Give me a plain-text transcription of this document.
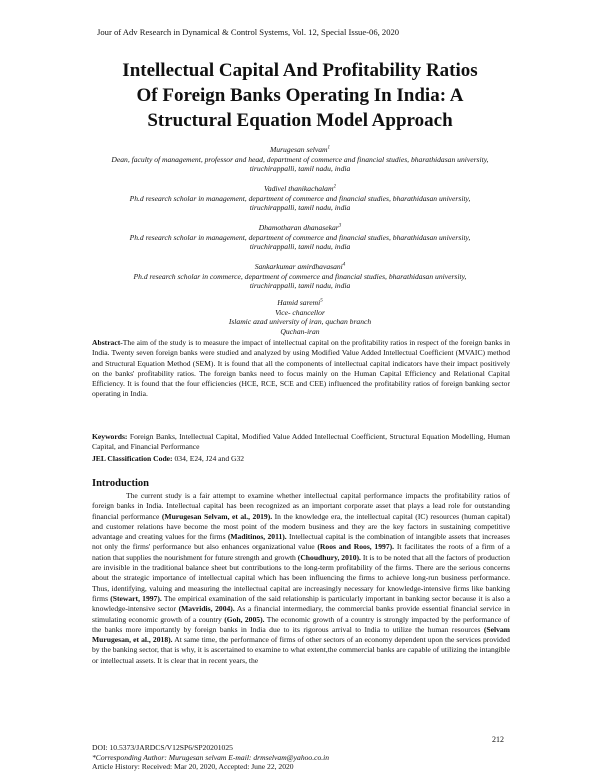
Jour of Adv Research in Dynamical & Control Systems, Vol. 12, Special Issue-06, 2020
Intellectual Capital And Profitability Ratios
Of Foreign Banks Operating In India: A
Structural Equation Model Approach
Murugesan selvam$^1$
Dean, faculty of management, professor and head, department of commerce and financial studies, bharathidasan university, tiruchirappalli, tamil nadu, india
Vadivel thanikachalam$^2$
Ph.d research scholar in management, department of commerce and financial studies, bharathidasan university,
tiruchirappalli, tamil nadu, india
Dhamotharan dhanasekar$^3$
Ph.d research scholar in management, department of commerce and financial studies, bharathidasan university,
tiruchirappalli, tamil nadu, india
Sankarkumar amirdhavasani$^4$
Ph.d research scholar in commerce, department of commerce and financial studies, bharathidasan university,
tiruchirappalli, tamil nadu, india
Hamid saremi$^5$
Vice- chancellor
Islamic azad university of iran, quchan branch
Quchan-iran
Abstract-The aim of the study is to measure the impact of intellectual capital on the profitability ratios in respect of the foreign banks in India. Twenty seven foreign banks were studied and analyzed by using Modified Value Added Intellectual Coefficient (MVAIC) method and Structural Equation Method (SEM). It is found that all the components of intellectual capital indicators have their impact positively on the banks' profitability ratios. The foreign banks need to focus mainly on the Human Capital Efficiency and Relational Capital Efficiency. It is found that the four efficiencies (HCE, RCE, SCE and CEE) influenced the profitability ratios of foreign banking sector operating in India.
Keywords: Foreign Banks, Intellectual Capital, Modified Value Added Intellectual Coefficient, Structural Equation Modelling, Human Capital, and Financial Performance
JEL Classification Code: 034, E24, J24 and G32
Introduction

The current study is a fair attempt to examine whether intellectual capital performance impacts the profitability ratios of foreign banks in India. Intellectual capital has been recognized as an important corporate asset that plays a lead role for outstanding financial performance (Murugesan Selvam, et al., 2019). In the knowledge era, the intellectual capital (IC) resources (human capital) and customer relations have become the most point of the modern business and they are the key factors in sustaining competitive advantage and creating values for the firms (Maditinos, 2011). Intellectual capital is the combination of intangible assets that increases not only the firms' performance but also enhances organizational value (Roos and Roos, 1997). It facilitates the roots of a firm of a nation that supplies the nourishment for future strength and growth (Choudhury, 2010). It is to be noted that all the factors of production are invisible in the traditional balance sheet but contributions to the long-term profitability of the firms. There are the serious concerns about the strategic importance of intellectual capital which has been influencing the firms to achieve long-run business performance. Thus, identifying, valuing and measuring the intellectual capital are increasingly necessary for knowledge-intensive firms like banking firms (Stewart, 1997). The empirical examination of the said relationship is particularly important in banking sector because it is also a knowledge-intensive sector (Mavridis, 2004). As a financial intermediary, the commercial banks provide essential financial service in stimulating economic growth of a country (Goh, 2005). The economic growth of a country is strongly impacted by the performance of the banks more importantly by foreign banks in India due to its rigorous arrival to India to utilize the human resources (Selvam Murugesan, et al., 2018). At same time, the performance of firms of other sectors of an economy dependent upon the services provided by the banking sector, that is why, it is ascertained to examine to what extent,the commercial banks are capable of utilizing the intangible or intellectual assets. It is clear that in recent years, the

212
DOI: 10.5373/JARDCS/V12SP6/SP20201025
*Corresponding Author: Murugesan selvam E-mail: drmselvam@yahoo.co.in
Article History: Received: Mar 20, 2020, Accepted: June 22, 2020
